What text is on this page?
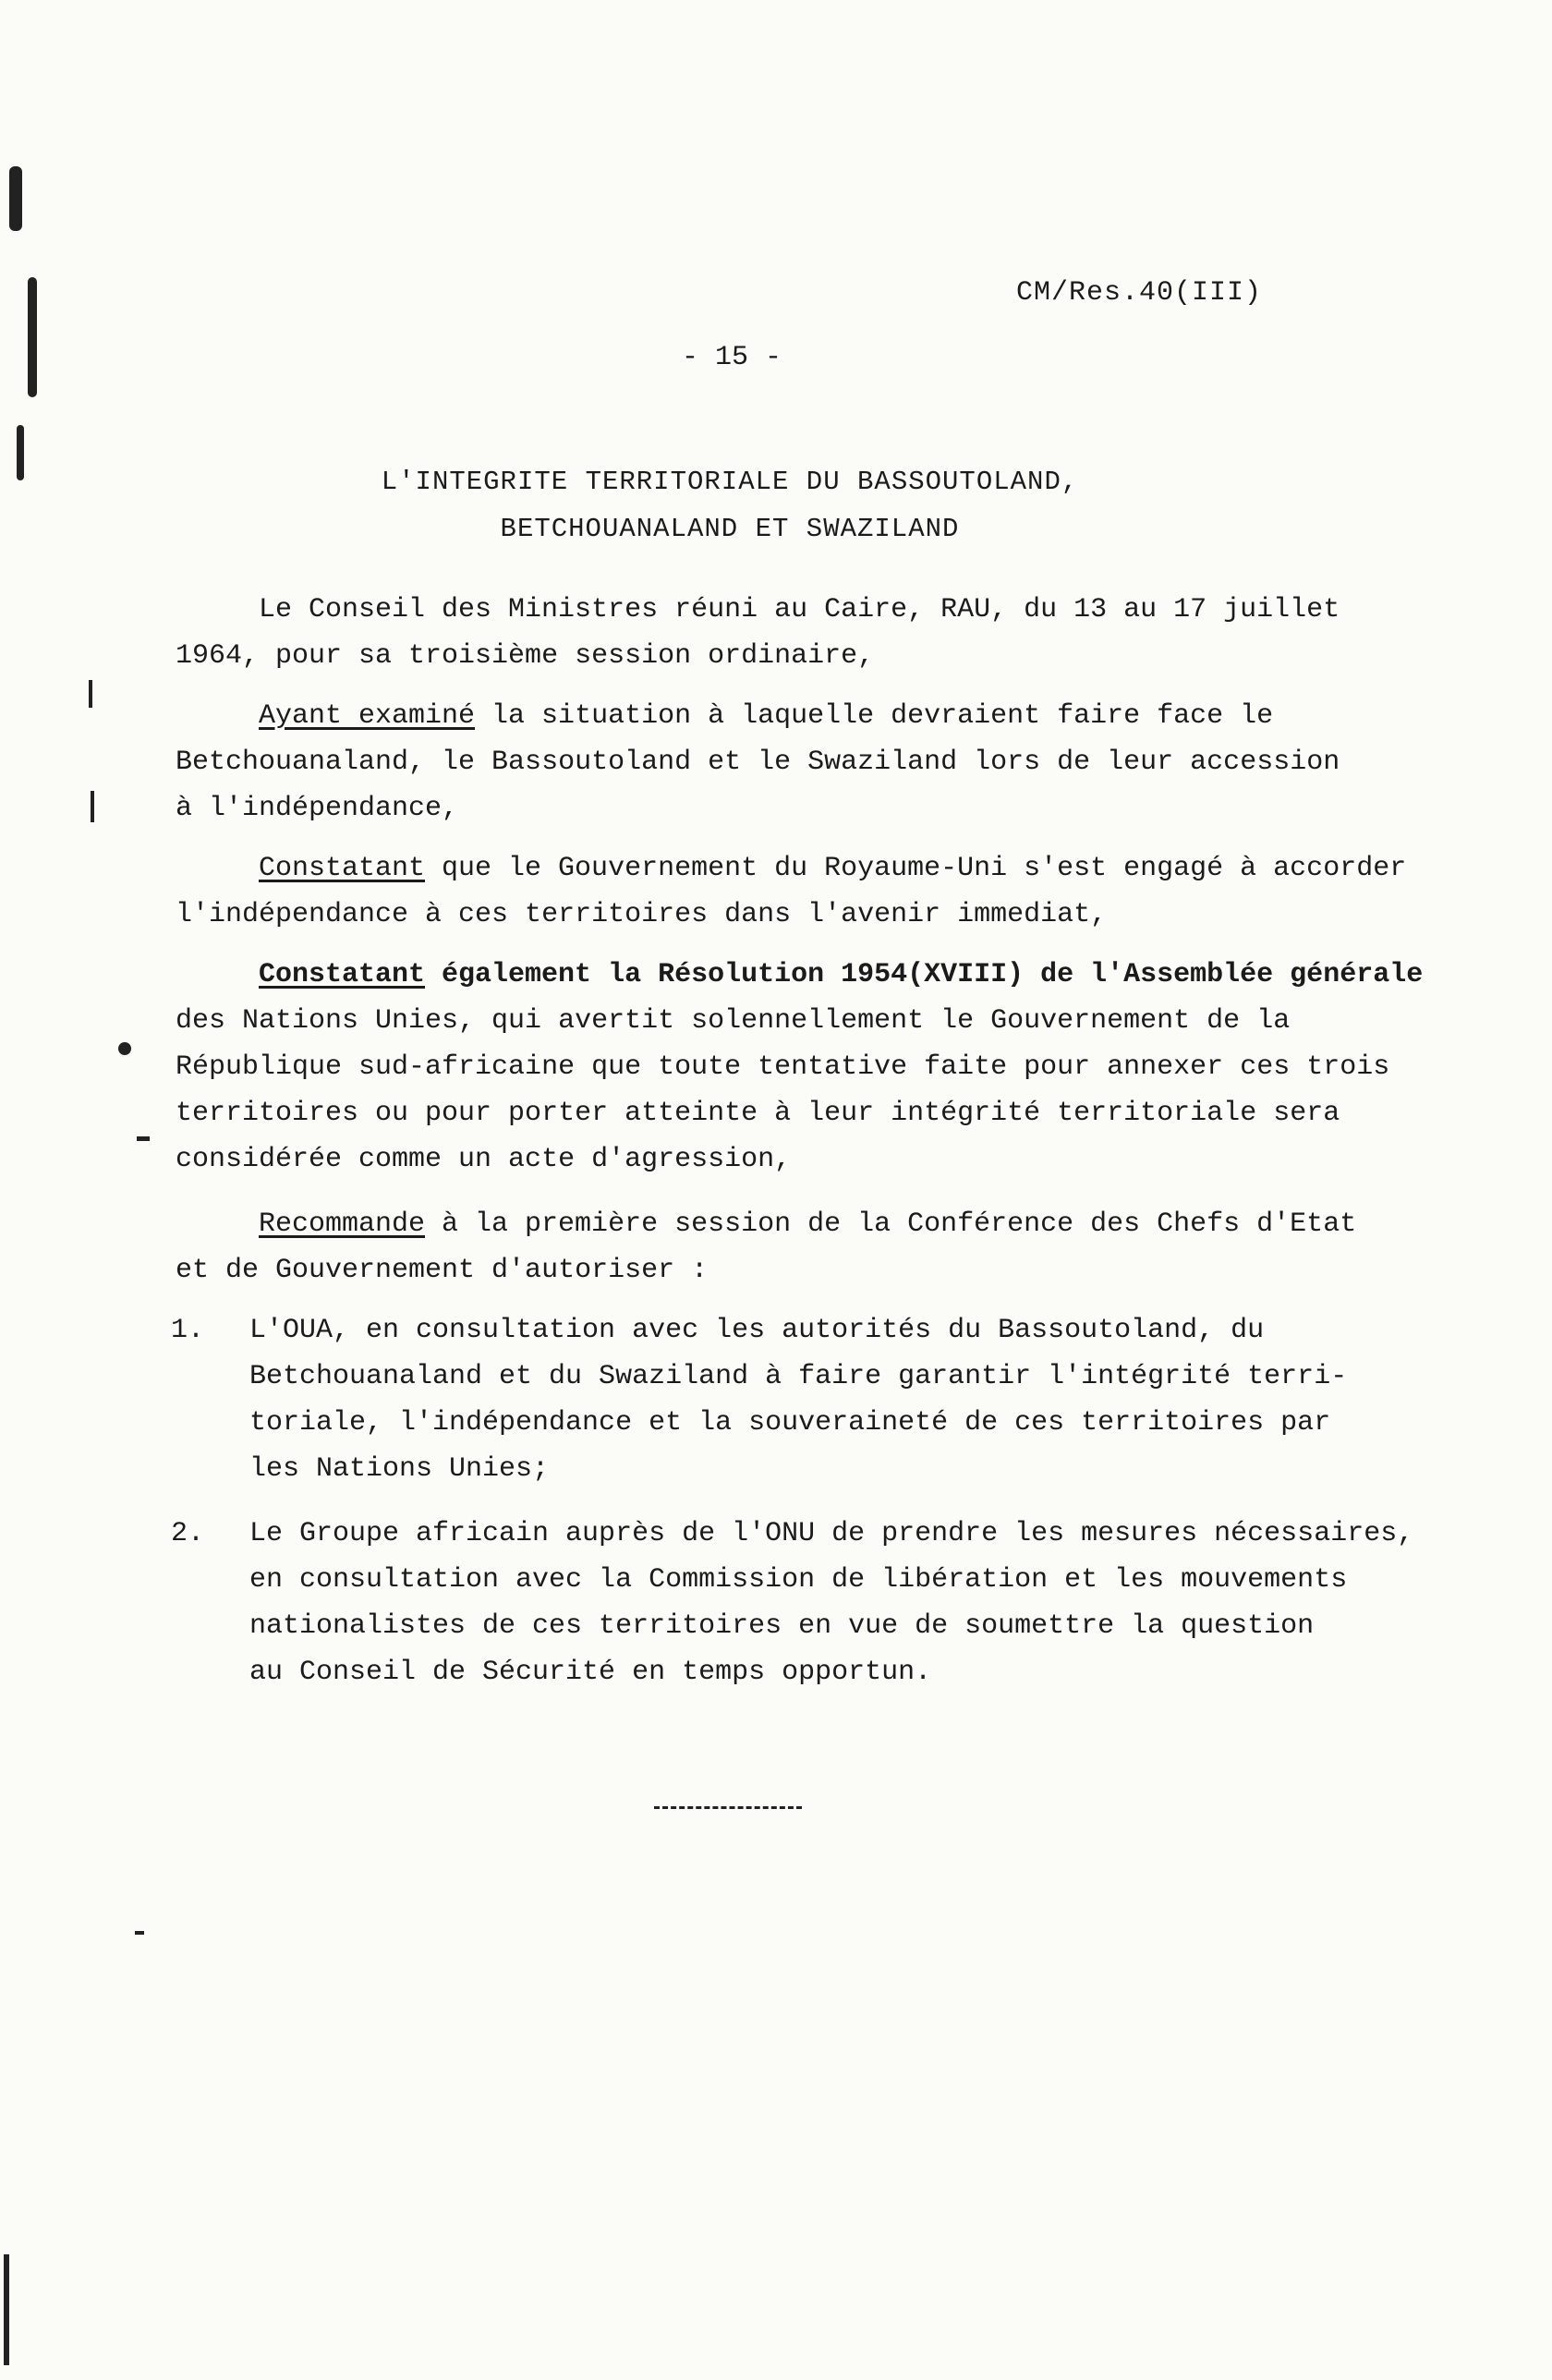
CM/Res.40(III)
- 15 -
L'INTEGRITE TERRITORIALE DU BASSOUTOLAND,
BETCHOUANALAND ET SWAZILAND
Le Conseil des Ministres réuni au Caire, RAU, du 13 au 17 juillet
1964, pour sa troisième session ordinaire,
Ayant examiné la situation à laquelle devraient faire face le
Betchouanaland, le Bassoutoland et le Swaziland lors de leur accession
à l'indépendance,
Constatant que le Gouvernement du Royaume-Uni s'est engagé à accorder
l'indépendance à ces territoires dans l'avenir immediat,
Constatant également la Résolution 1954(XVIII) de l'Assemblée générale
des Nations Unies, qui avertit solennellement le Gouvernement de la
République sud-africaine que toute tentative faite pour annexer ces trois
territoires ou pour porter atteinte à leur intégrité territoriale sera
considérée comme un acte d'agression,
Recommande à la première session de la Conférence des Chefs d'Etat
et de Gouvernement d'autoriser :
1. L'OUA, en consultation avec les autorités du Bassoutoland, du
Betchouanaland et du Swaziland à faire garantir l'intégrité terri-
toriale, l'indépendance et la souveraineté de ces territoires par
les Nations Unies;
2. Le Groupe africain auprès de l'ONU de prendre les mesures nécessaires,
en consultation avec la Commission de libération et les mouvements
nationalistes de ces territoires en vue de soumettre la question
au Conseil de Sécurité en temps opportun.
